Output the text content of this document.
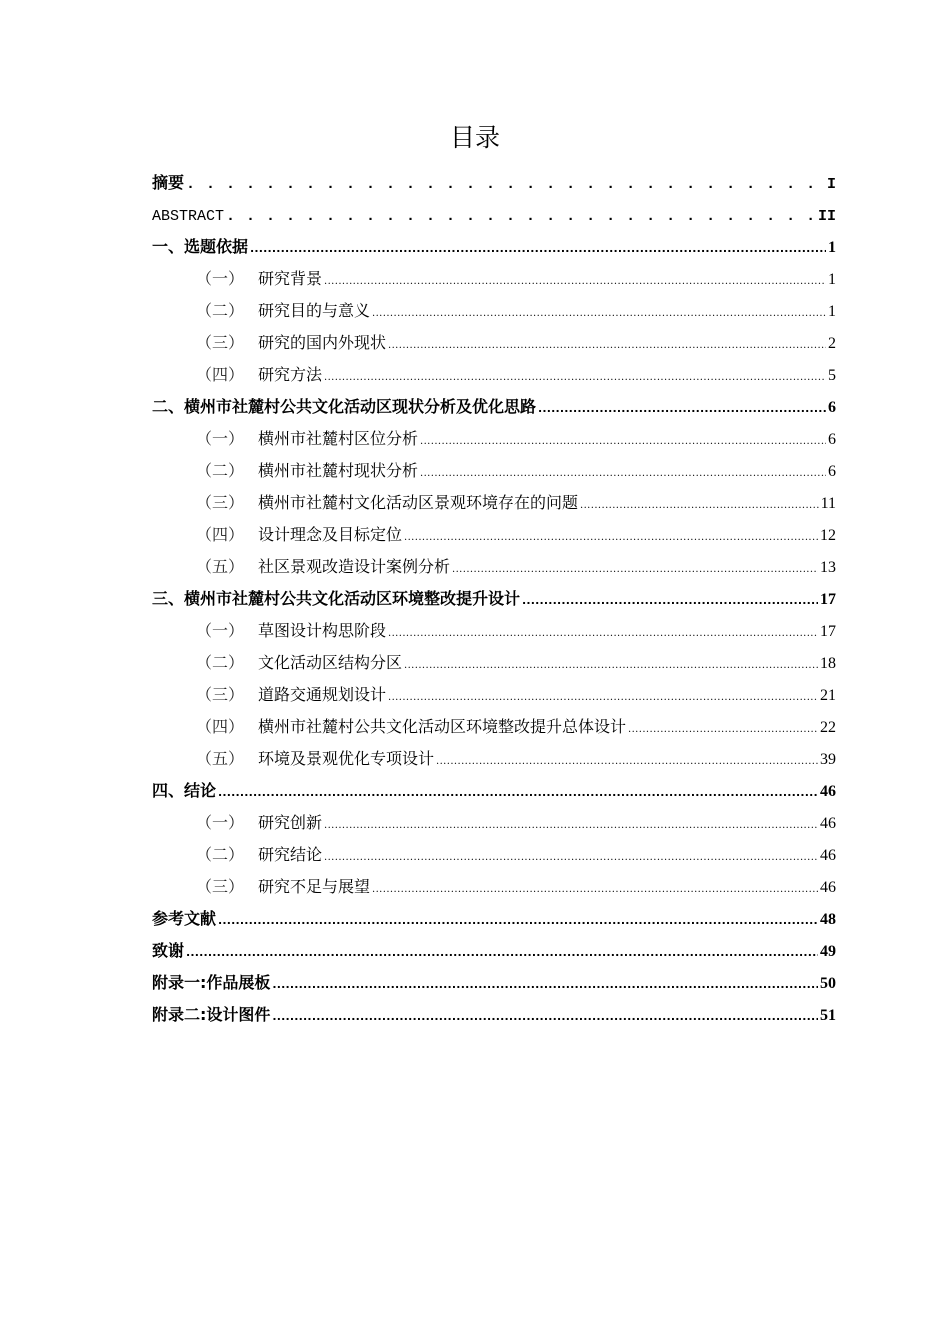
目录
摘要 . . .	I
ABSTRACT . . .	II
一、选题依据 .....	1
（一） 研究背景 .....	1
（二） 研究目的与意义 .....	1
（三） 研究的国内外现状 .....	2
（四） 研究方法 .....	5
二、横州市社麓村公共文化活动区现状分析及优化思路 .....	6
（一） 横州市社麓村区位分析 .....	6
（二） 横州市社麓村现状分析 .....	6
（三） 横州市社麓村文化活动区景观环境存在的问题 .....	11
（四） 设计理念及目标定位 .....	12
（五） 社区景观改造设计案例分析 .....	13
三、横州市社麓村公共文化活动区环境整改提升设计 .....	17
（一） 草图设计构思阶段 .....	17
（二） 文化活动区结构分区 .....	18
（三） 道路交通规划设计 .....	21
（四） 横州市社麓村公共文化活动区环境整改提升总体设计 .....	22
（五） 环境及景观优化专项设计 .....	39
四、结论 .....	46
（一） 研究创新 .....	46
（二） 研究结论 .....	46
（三） 研究不足与展望 .....	46
参考文献 .....	48
致谢 .....	49
附录一:作品展板 .....	50
附录二:设计图件 .....	51
